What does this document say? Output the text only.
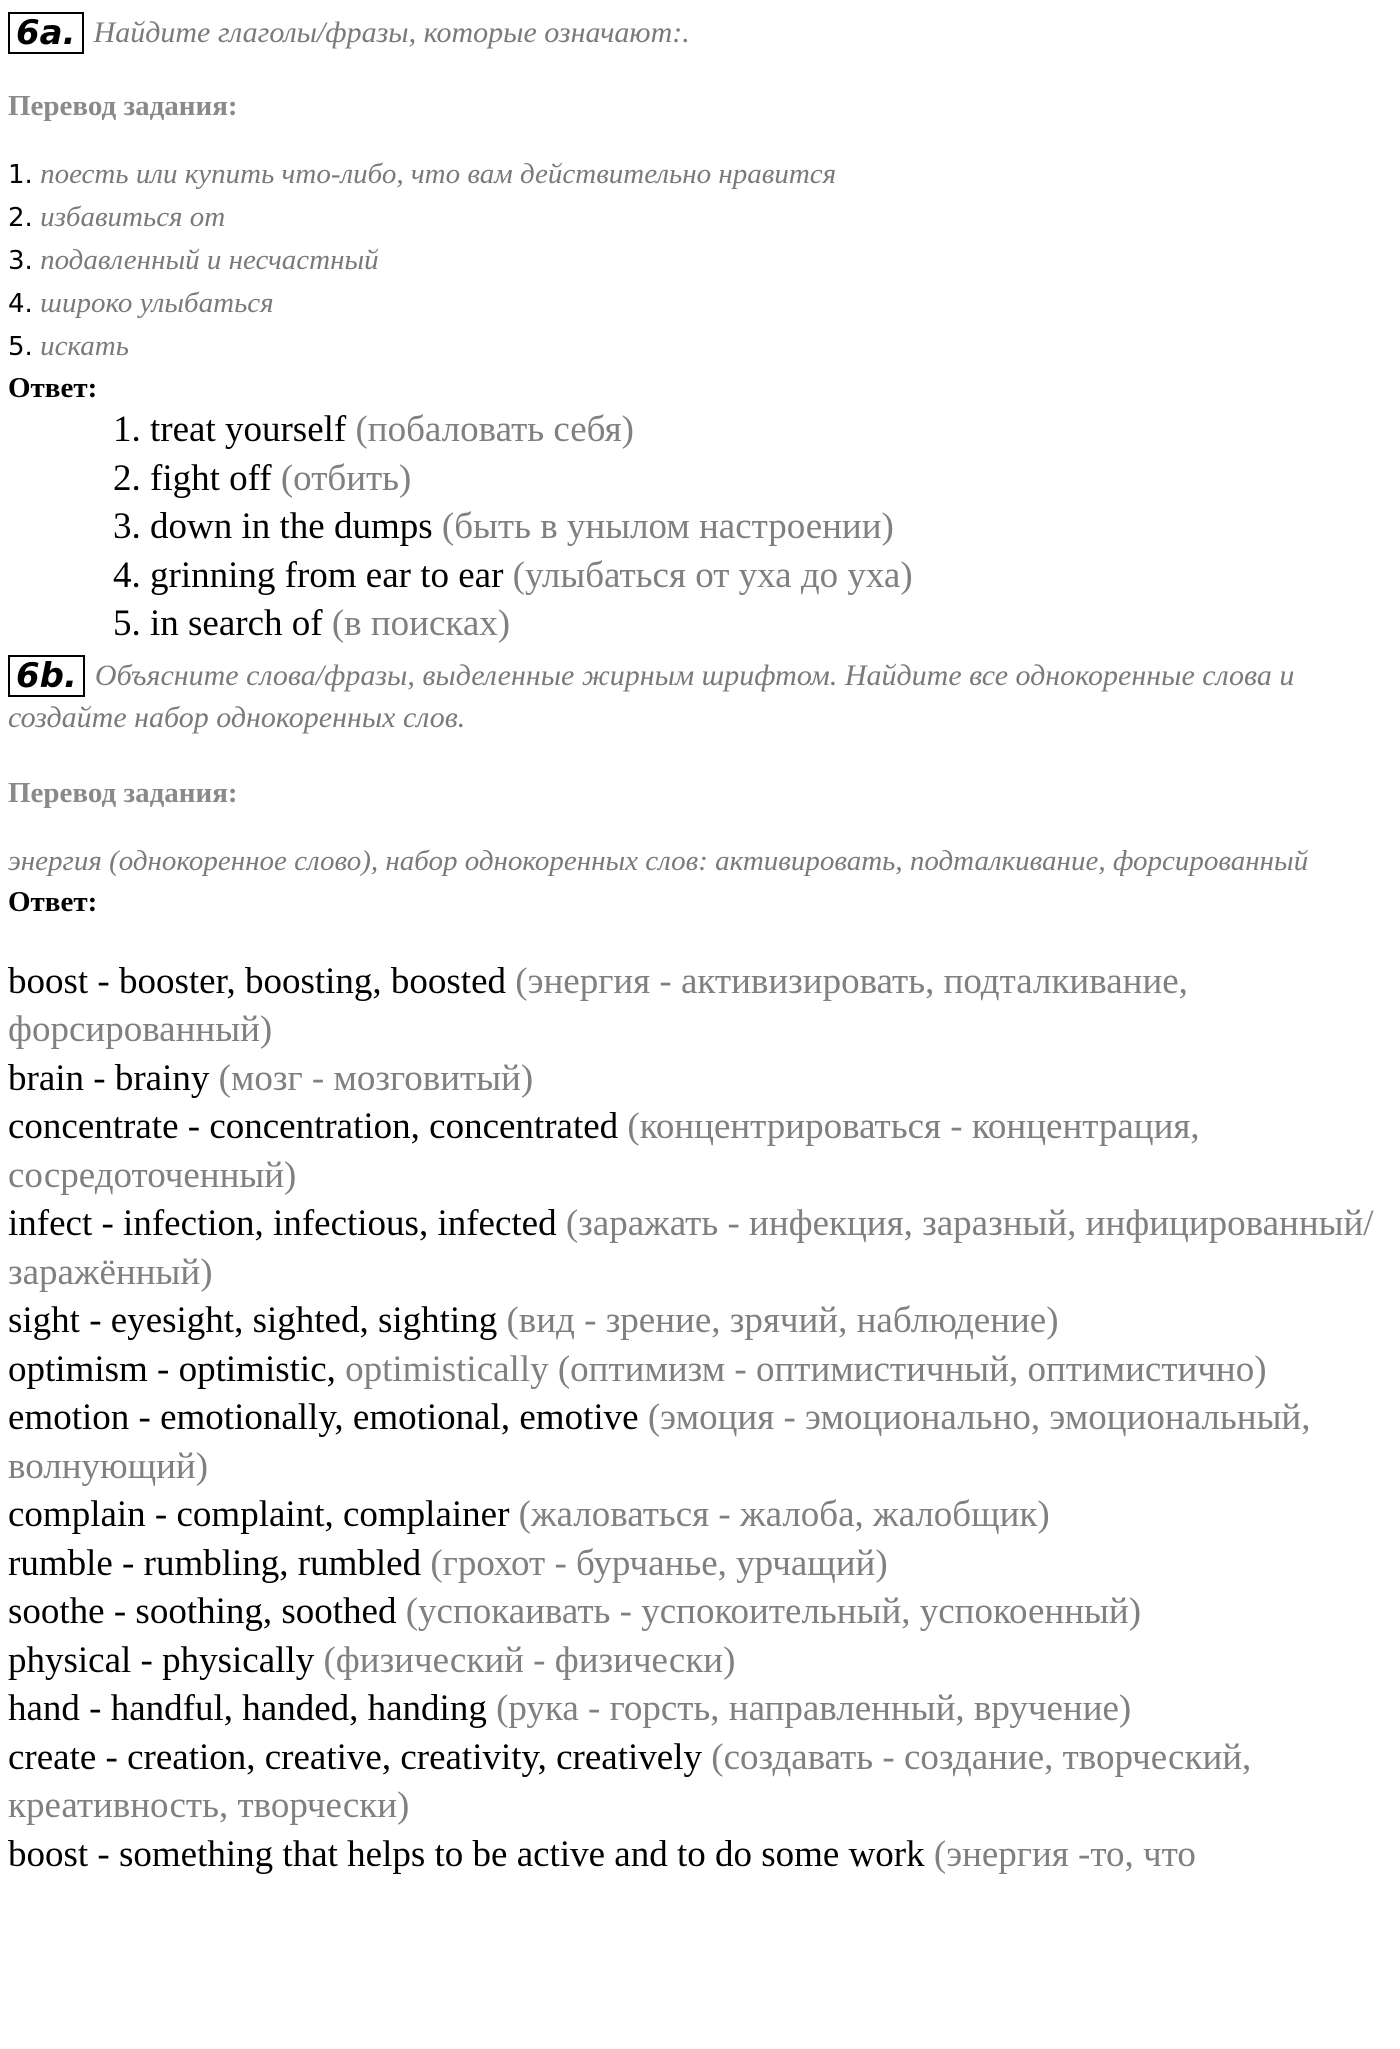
6a. Найдите глаголы/фразы, которые означают:.
Перевод задания:
1. поесть или купить что-либо, что вам действительно нравится
2. избавиться от
3. подавленный и несчастный
4. широко улыбаться
5. искать
Ответ:
1. treat yourself (побаловать себя)
2. fight off (отбить)
3. down in the dumps (быть в унылом настроении)
4. grinning from ear to ear (улыбаться от уха до уха)
5. in search of (в поисках)
6b. Объясните слова/фразы, выделенные жирным шрифтом. Найдите все однокоренные слова и создайте набор однокоренных слов.
Перевод задания:
энергия (однокоренное слово), набор однокоренных слов: активировать, подталкивание, форсированный
Ответ:

boost - booster, boosting, boosted (энергия - активизировать, подталкивание, форсированный)

brain - brainy (мозг - мозговитый)

concentrate - concentration, concentrated (концентрироваться - концентрация, сосредоточенный)

infect - infection, infectious, infected (заражать - инфекция, заразный, инфицированный/заражённый)

sight - eyesight, sighted, sighting (вид - зрение, зрячий, наблюдение)

optimism - optimistic, optimistically (оптимизм - оптимистичный, оптимистично)

emotion - emotionally, emotional, emotive (эмоция - эмоционально, эмоциональный, волнующий)

complain - complaint, complainer (жаловаться - жалоба, жалобщик)

rumble - rumbling, rumbled (грохот - бурчанье, урчащий)

soothe - soothing, soothed (успокаивать - успокоительный, успокоенный)

physical - physically (физический - физически)

hand - handful, handed, handing (рука - горсть, направленный, вручение)

create - creation, creative, creativity, creatively (создавать - создание, творческий, креативность, творчески)

boost - something that helps to be active and to do some work (энергия -то, что
